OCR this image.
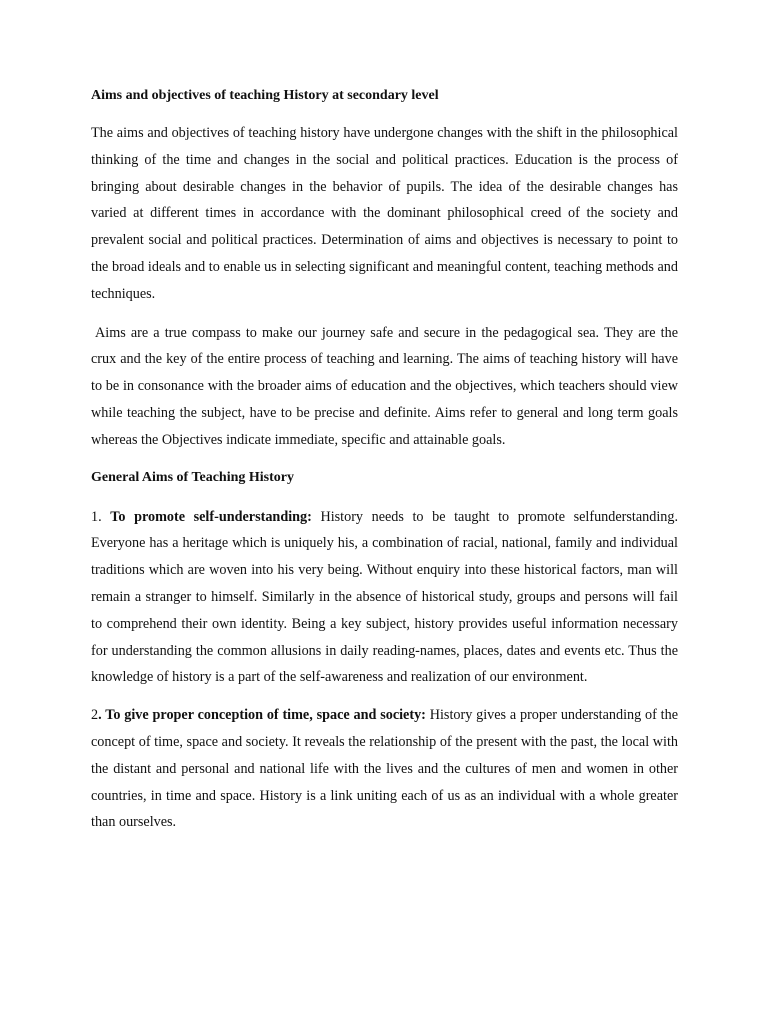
Aims and objectives of teaching History at secondary level

The aims and objectives of teaching history have undergone changes with the shift in the philosophical thinking of the time and changes in the social and political practices. Education is the process of bringing about desirable changes in the behavior of pupils. The idea of the desirable changes has varied at different times in accordance with the dominant philosophical creed of the society and prevalent social and political practices. Determination of aims and objectives is necessary to point to the broad ideals and to enable us in selecting significant and meaningful content, teaching methods and techniques.

Aims are a true compass to make our journey safe and secure in the pedagogical sea. They are the crux and the key of the entire process of teaching and learning. The aims of teaching history will have to be in consonance with the broader aims of education and the objectives, which teachers should view while teaching the subject, have to be precise and definite. Aims refer to general and long term goals whereas the Objectives indicate immediate, specific and attainable goals.

General Aims of Teaching History

1. To promote self-understanding: History needs to be taught to promote selfunderstanding. Everyone has a heritage which is uniquely his, a combination of racial, national, family and individual traditions which are woven into his very being. Without enquiry into these historical factors, man will remain a stranger to himself. Similarly in the absence of historical study, groups and persons will fail to comprehend their own identity. Being a key subject, history provides useful information necessary for understanding the common allusions in daily reading-names, places, dates and events etc. Thus the knowledge of history is a part of the self-awareness and realization of our environment.

2. To give proper conception of time, space and society: History gives a proper understanding of the concept of time, space and society. It reveals the relationship of the present with the past, the local with the distant and personal and national life with the lives and the cultures of men and women in other countries, in time and space. History is a link uniting each of us as an individual with a whole greater than ourselves.
